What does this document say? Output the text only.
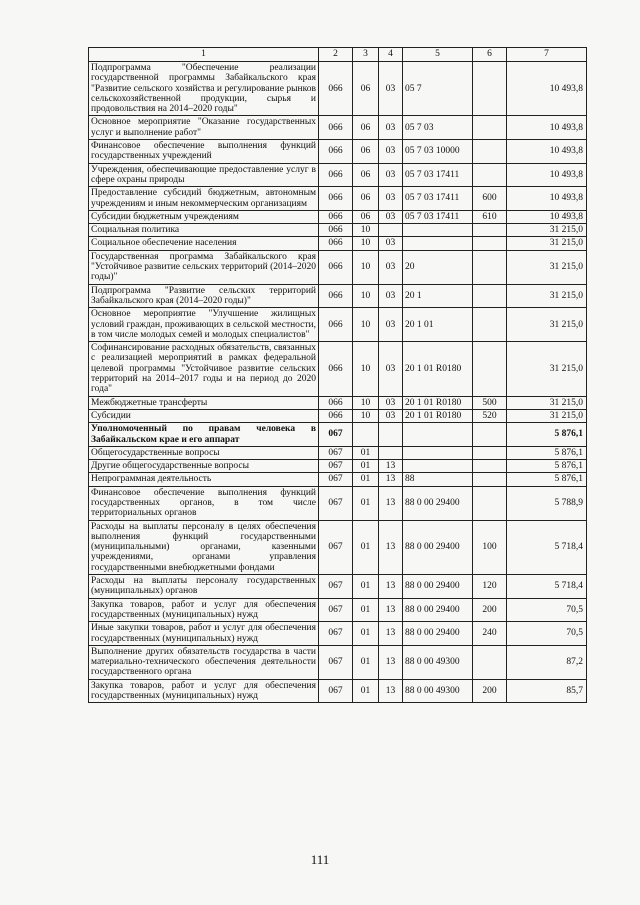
1	2	3	4	5	6	7
Подпрограмма "Обеспечение реализации государственной программы Забайкальского края "Развитие сельского хозяйства и регулирование рынков сельскохозяйственной продукции, сырья и продовольствия на 2014–2020 годы"	066	06	03	05 7		10 493,8
Основное мероприятие "Оказание государственных услуг и выполнение работ"	066	06	03	05 7 03		10 493,8
Финансовое обеспечение выполнения функций государственных учреждений	066	06	03	05 7 03 10000		10 493,8
Учреждения, обеспечивающие предоставление услуг в сфере охраны природы	066	06	03	05 7 03 17411		10 493,8
Предоставление субсидий бюджетным, автономным учреждениям и иным некоммерческим организациям	066	06	03	05 7 03 17411	600	10 493,8
Субсидии бюджетным учреждениям	066	06	03	05 7 03 17411	610	10 493,8
Социальная политика	066	10				31 215,0
Социальное обеспечение населения	066	10	03			31 215,0
Государственная программа Забайкальского края "Устойчивое развитие сельских территорий (2014–2020 годы)"	066	10	03	20		31 215,0
Подпрограмма "Развитие сельских территорий Забайкальского края (2014–2020 годы)"	066	10	03	20 1		31 215,0
Основное мероприятие "Улучшение жилищных условий граждан, проживающих в сельской местности, в том числе молодых семей и молодых специалистов"	066	10	03	20 1 01		31 215,0
Софинансирование расходных обязательств, связанных с реализацией мероприятий в рамках федеральной целевой программы "Устойчивое развитие сельских территорий на 2014–2017 годы и на период до 2020 года"	066	10	03	20 1 01 R0180		31 215,0
Межбюджетные трансферты	066	10	03	20 1 01 R0180	500	31 215,0
Субсидии	066	10	03	20 1 01 R0180	520	31 215,0
Уполномоченный по правам человека в Забайкальском крае и его аппарат	067					5 876,1
Общегосударственные вопросы	067	01				5 876,1
Другие общегосударственные вопросы	067	01	13			5 876,1
Непрограммная деятельность	067	01	13	88		5 876,1
Финансовое обеспечение выполнения функций государственных органов, в том числе территориальных органов	067	01	13	88 0 00 29400		5 788,9
Расходы на выплаты персоналу в целях обеспечения выполнения функций государственными (муниципальными) органами, казенными учреждениями, органами управления государственными внебюджетными фондами	067	01	13	88 0 00 29400	100	5 718,4
Расходы на выплаты персоналу государственных (муниципальных) органов	067	01	13	88 0 00 29400	120	5 718,4
Закупка товаров, работ и услуг для обеспечения государственных (муниципальных) нужд	067	01	13	88 0 00 29400	200	70,5
Иные закупки товаров, работ и услуг для обеспечения государственных (муниципальных) нужд	067	01	13	88 0 00 29400	240	70,5
Выполнение других обязательств государства в части материально-технического обеспечения деятельности государственного органа	067	01	13	88 0 00 49300		87,2
Закупка товаров, работ и услуг для обеспечения государственных (муниципальных) нужд	067	01	13	88 0 00 49300	200	85,7
111
